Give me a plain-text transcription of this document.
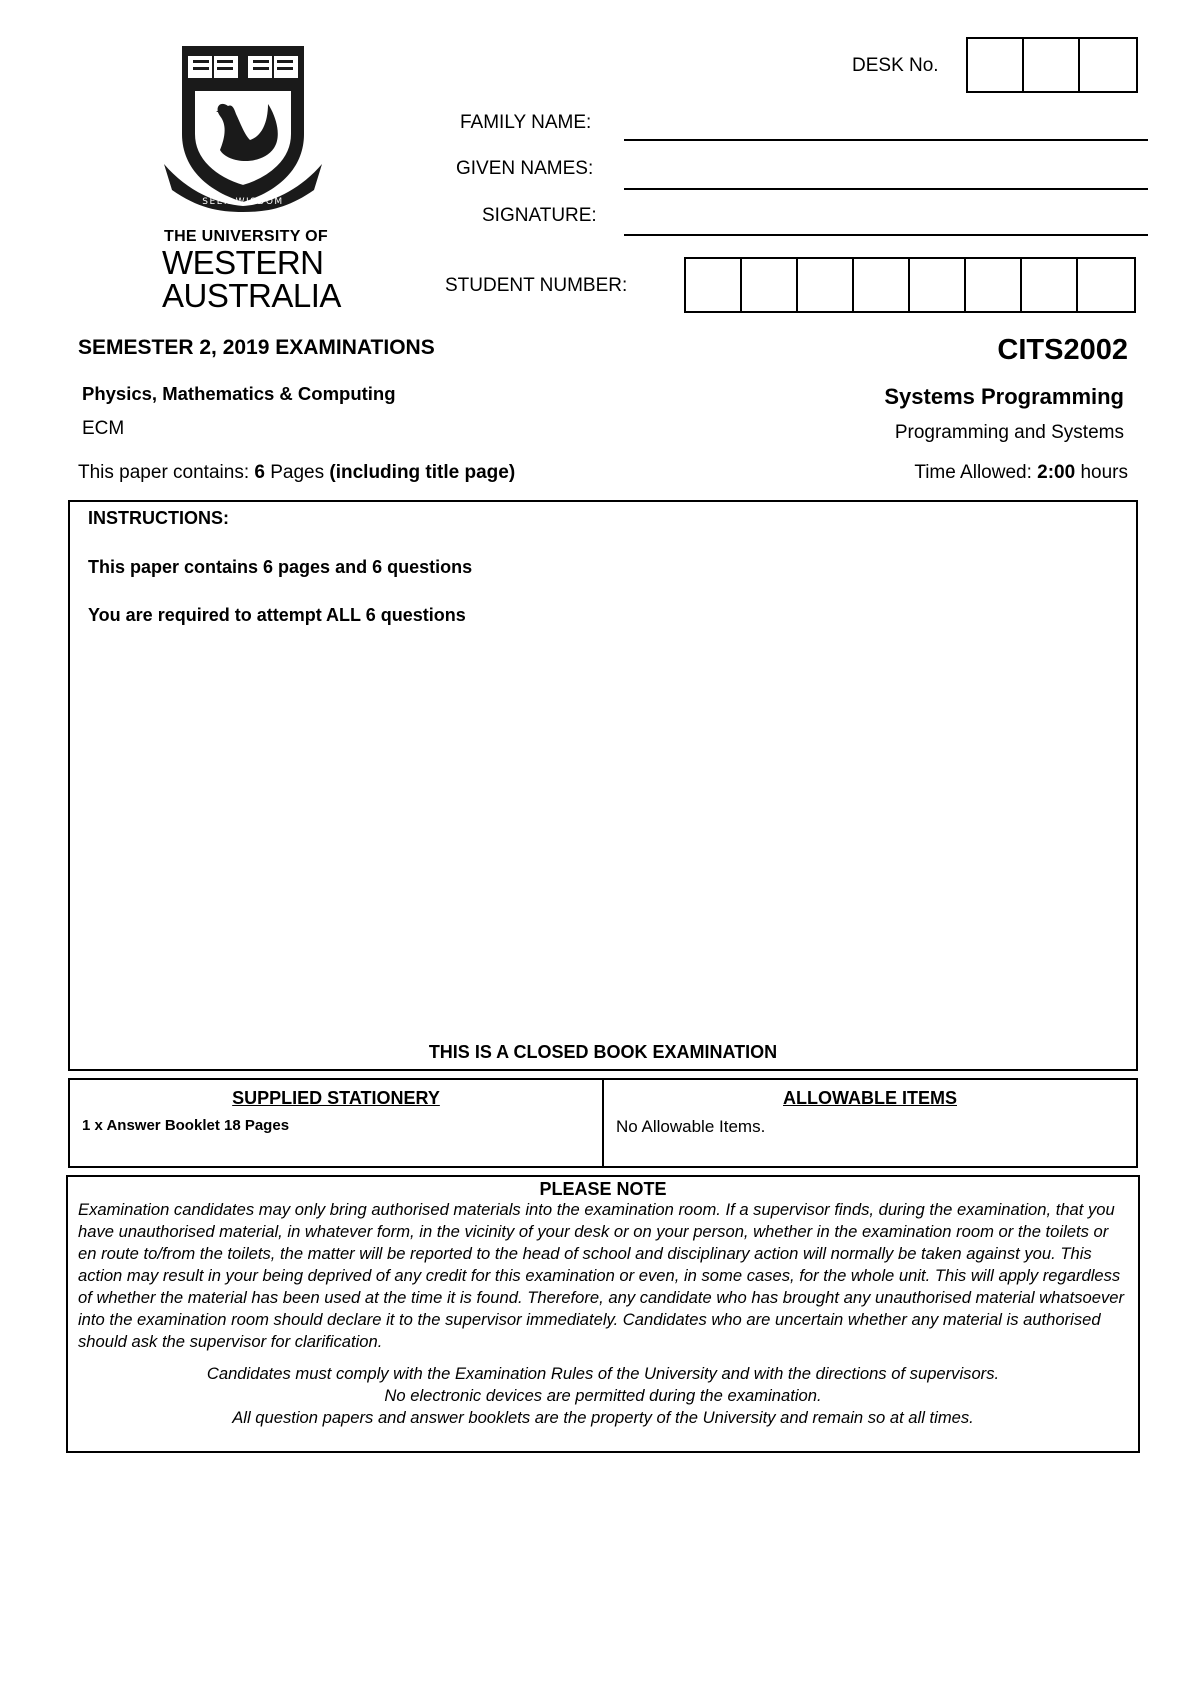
SEEK WISDOM
THE UNIVERSITY OF
WESTERN
AUSTRALIA
DESK No.
FAMILY NAME:
GIVEN NAMES:
SIGNATURE:
STUDENT NUMBER:
SEMESTER 2, 2019 EXAMINATIONS	CITS2002
Physics, Mathematics & Computing	Systems Programming
ECM	Programming and Systems
This paper contains: 6 Pages (including title page)	Time Allowed: 2:00 hours
INSTRUCTIONS:
This paper contains 6 pages and 6 questions
You are required to attempt ALL 6 questions
THIS IS A CLOSED BOOK EXAMINATION
SUPPLIED STATIONERY
1 x Answer Booklet 18 Pages
ALLOWABLE ITEMS
No Allowable Items.
PLEASE NOTE
Examination candidates may only bring authorised materials into the examination room. If a supervisor finds, during the examination, that you have unauthorised material, in whatever form, in the vicinity of your desk or on your person, whether in the examination room or the toilets or en route to/from the toilets, the matter will be reported to the head of school and disciplinary action will normally be taken against you. This action may result in your being deprived of any credit for this examination or even, in some cases, for the whole unit. This will apply regardless of whether the material has been used at the time it is found. Therefore, any candidate who has brought any unauthorised material whatsoever into the examination room should declare it to the supervisor immediately. Candidates who are uncertain whether any material is authorised should ask the supervisor for clarification.
Candidates must comply with the Examination Rules of the University and with the directions of supervisors.
No electronic devices are permitted during the examination.
All question papers and answer booklets are the property of the University and remain so at all times.
